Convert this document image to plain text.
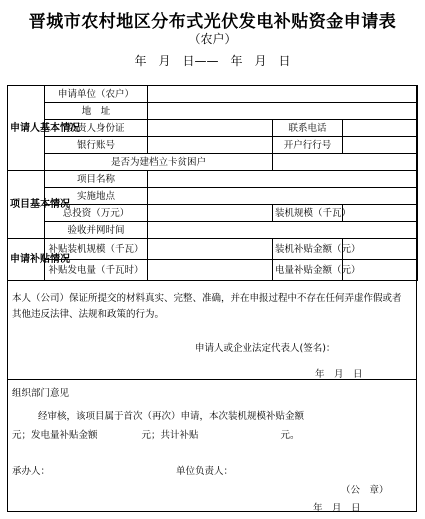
晋城市农村地区分布式光伏发电补贴资金申请表
（农户）
年　月　日——　年　月　日
申请人基本情况	申请单位（农户）			
	地　址			
	负责人身份证		联系电话	
	银行账号		开户行行号	
	是否为建档立卡贫困户			
项目基本情况	项目名称			
	实施地点			
	总投资（万元）		装机规模（千瓦）	
	验收并网时间			
申请补贴情况	补贴装机规模（千瓦）		装机补贴金额（元）	
	补贴发电量（千瓦时）		电量补贴金额（元）	
本人（公司）保证所提交的材料真实、完整、准确，并在申报过程中不存在任何弄虚作假或者其他违反法律、法规和政策的行为。
申请人或企业法定代表人(签名)：
年　月　日
组织部门意见
经审核，该项目属于首次（再次）申请，本次装机规模补贴金额
元；发电量补贴金额	元；共计补贴	元。
承办人：	单位负责人：
（公　章）
年　月　日
